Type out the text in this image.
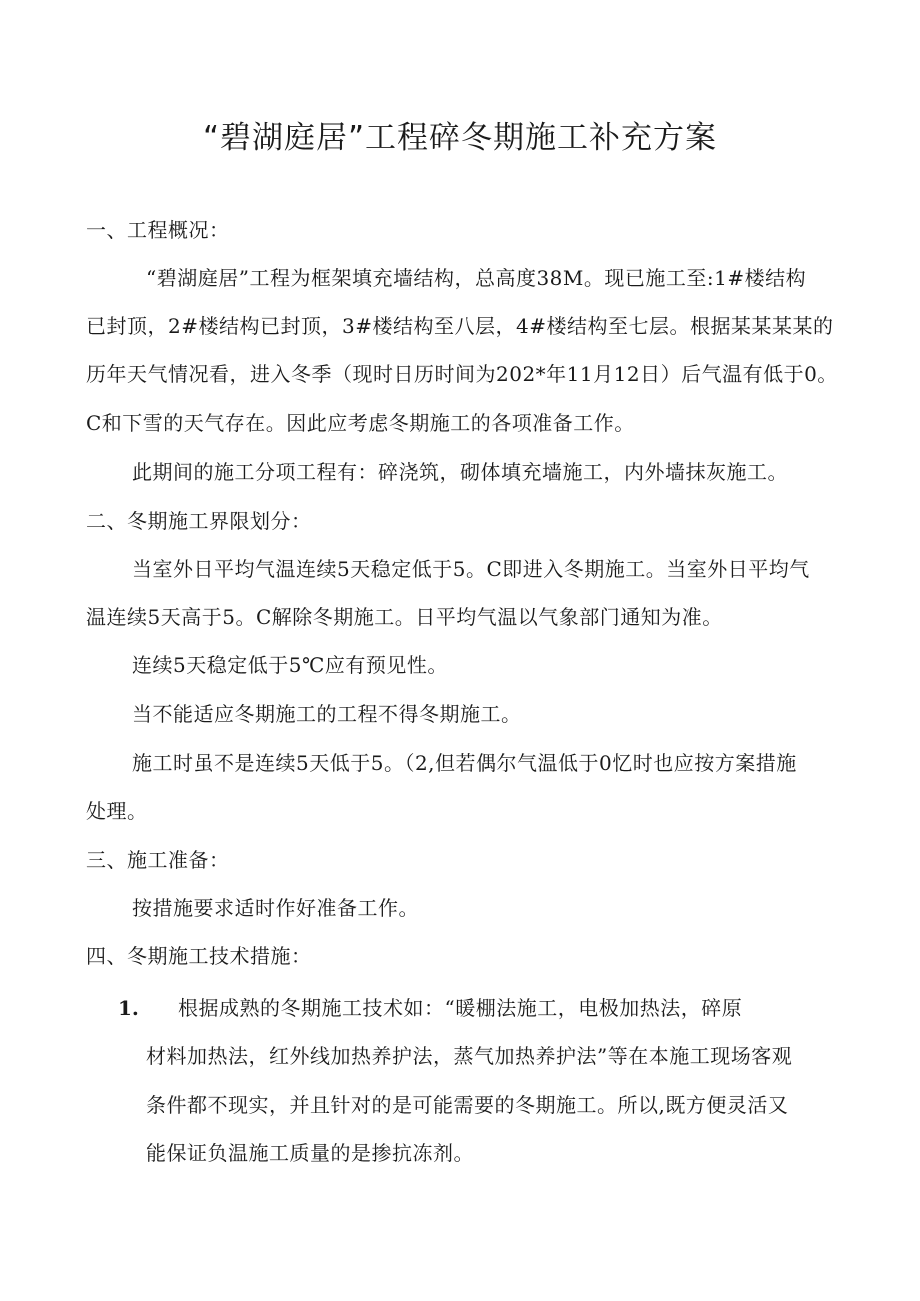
“碧湖庭居”工程碎冬期施工补充方案
一、工程概况：
“碧湖庭居”工程为框架填充墙结构，总高度38M。现已施工至:1#楼结构
已封顶，2#楼结构已封顶，3#楼结构至八层，4#楼结构至七层。根据某某某某的
历年天气情况看，进入冬季（现时日历时间为202*年11月12日）后气温有低于0。
C和下雪的天气存在。因此应考虑冬期施工的各项准备工作。
此期间的施工分项工程有：碎浇筑，砌体填充墙施工，内外墙抹灰施工。
二、冬期施工界限划分：
当室外日平均气温连续5天稳定低于5。C即进入冬期施工。当室外日平均气
温连续5天高于5。C解除冬期施工。日平均气温以气象部门通知为准。
连续5天稳定低于5℃应有预见性。
当不能适应冬期施工的工程不得冬期施工。
施工时虽不是连续5天低于5。（2,但若偶尔气温低于0忆时也应按方案措施
处理。
三、施工准备：
按措施要求适时作好准备工作。
四、冬期施工技术措施：
1. 根据成熟的冬期施工技术如：“暖棚法施工，电极加热法，碎原
材料加热法，红外线加热养护法，蒸气加热养护法”等在本施工现场客观
条件都不现实，并且针对的是可能需要的冬期施工。所以,既方便灵活又
能保证负温施工质量的是掺抗冻剂。
